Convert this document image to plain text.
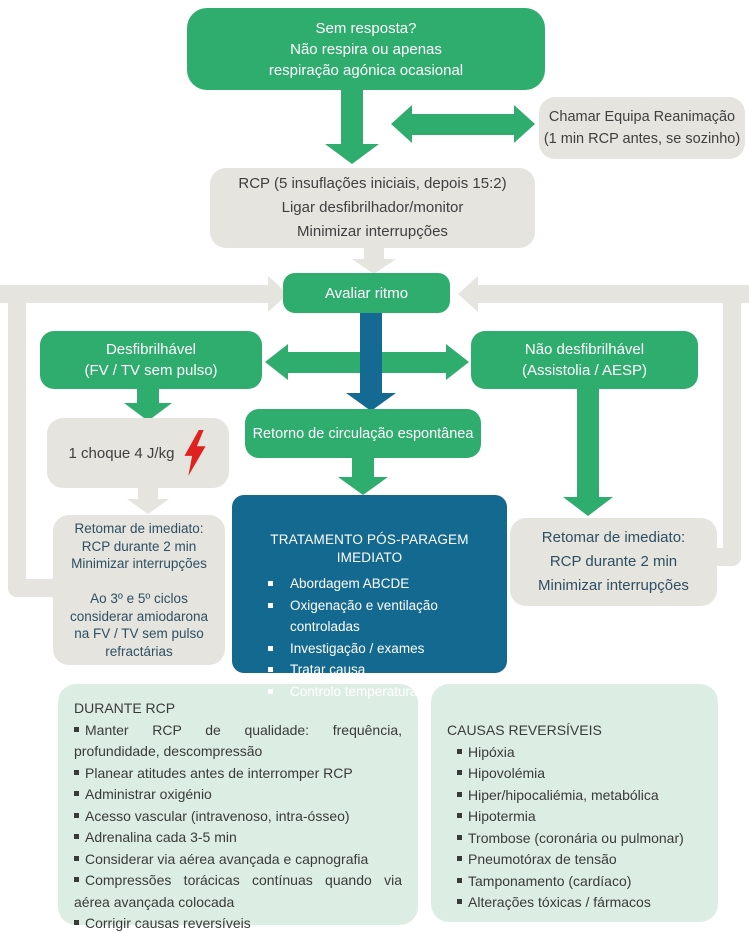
Sem resposta?
Não respira ou apenas
respiração agónica ocasional
Chamar Equipa Reanimação
(1 min RCP antes, se sozinho)
RCP (5 insuflações iniciais, depois 15:2)
Ligar desfibrilhador/monitor
Minimizar interrupções
Avaliar ritmo
Desfibrilhável
(FV / TV sem pulso)
Não desfibrilhável
(Assistolia / AESP)
Retorno de circulação espontânea
1 choque 4 J/kg
Retomar de imediato:
RCP durante 2 min
Minimizar interrupções
Ao 3º e 5º ciclos
considerar amiodarona
na FV / TV sem pulso
refractárias
TRATAMENTO PÓS-PARAGEM IMEDIATO
Abordagem ABCDE
Oxigenação e ventilação controladas
Investigação / exames
Tratar causa
Controlo temperatura
Retomar de imediato:
RCP durante 2 min
Minimizar interrupções
DURANTE RCP
Manter RCP de qualidade: frequência, profundidade, descompressão
Planear atitudes antes de interromper RCP
Administrar oxigénio
Acesso vascular (intravenoso, intra-ósseo)
Adrenalina cada 3-5 min
Considerar via aérea avançada e capnografia
Compressões torácicas contínuas quando via aérea avançada colocada
Corrigir causas reversíveis
CAUSAS REVERSÍVEIS
Hipóxia
Hipovolémia
Hiper/hipocaliémia, metabólica
Hipotermia
Trombose (coronária ou pulmonar)
Pneumotórax de tensão
Tamponamento (cardíaco)
Alterações tóxicas / fármacos
